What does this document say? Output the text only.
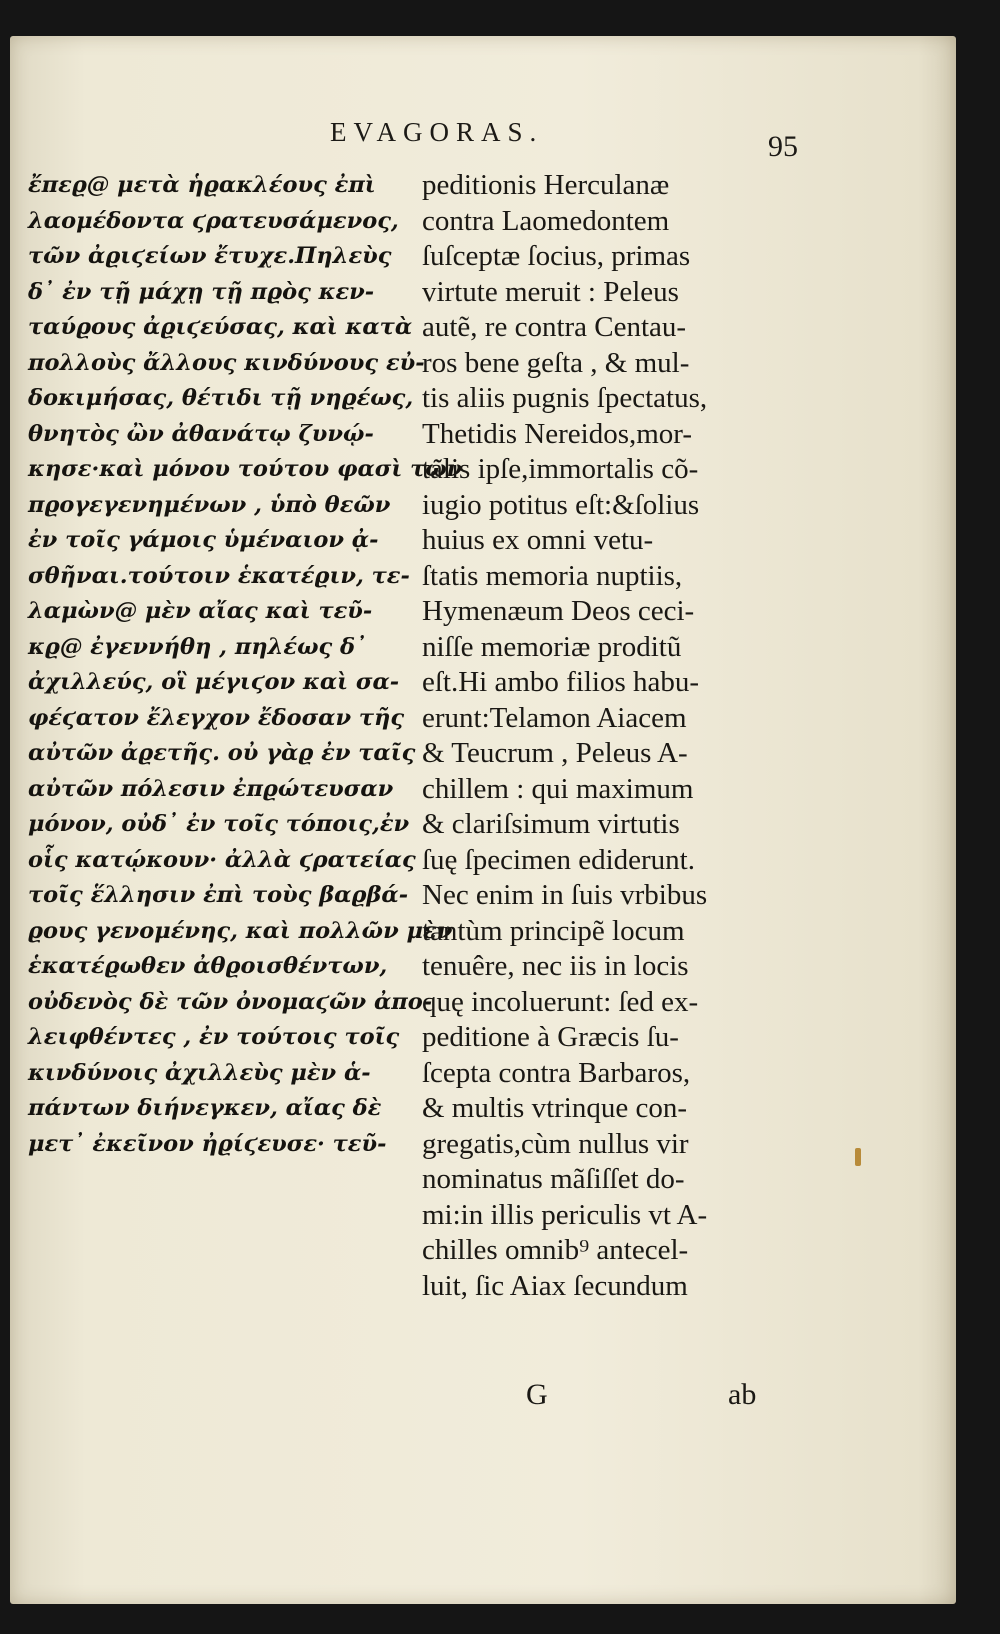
EVAGORAS.	95
ἔπεϱ@ μετὰ ἡϱακλέους ἐπὶ
λαομέδοντα ϛρατευσάμενος,
τῶν ἀϱιϛείων ἔτυχε.Πηλεὺς
δ᾽ ἐν τῇ μάχῃ τῇ πϱὸς κεν-
ταύϱους ἀϱιϛεύσας, καὶ κατὰ
πολλοὺς ἄλλους κινδύνους εὐ-
δοκιμήσας, θέτιδι τῇ νηϱέως,
θνητὸς ὢν ἀθανάτῳ ζυνῴ-
κησε·καὶ μόνου τούτου φασὶ τῶν
πϱογεγενημένων , ὑπὸ θεῶν
ἐν τοῖς γάμοις ὑμέναιον ᾀ-
σθῆναι.τούτοιν ἑκατέϱιν, τε-
λαμὼν@ μὲν αἴας καὶ τεῦ-
κϱ@ ἐγεννήθη , πηλέως δ᾽
ἀχιλλεύς, οἳ μέγιϛον καὶ σα-
φέϛατον ἔλεγχον ἔδοσαν τῆς
αὐτῶν ἀϱετῆς. οὐ γὰϱ ἐν ταῖς
αὐτῶν πόλεσιν ἐπϱώτευσαν
μόνον, οὐδ᾽ ἐν τοῖς τόποις,ἐν
οἷς κατῴκουν· ἀλλὰ ϛρατείας
τοῖς ἕλλησιν ἐπὶ τοὺς βαϱβά-
ϱους γενομένης, καὶ πολλῶν μὲν
ἑκατέϱωθεν ἀθϱοισθέντων,
οὐδενὸς δὲ τῶν ὀνομαϛῶν ἀπο-
λειφθέντες , ἐν τούτοις τοῖς
κινδύνοις ἀχιλλεὺς μὲν ἁ-
πάντων διήνεγκεν, αἴας δὲ
μετ᾽ ἐκεῖνον ἠϱίϛευσε· τεῦ-
peditionis Herculanæ
contra Laomedontem
ſuſceptæ ſocius, primas
virtute meruit : Peleus
autẽ, re contra Centau-
ros bene geſta , & mul-
tis aliis pugnis ſpectatus,
Thetidis Nereidos,mor-
talis ipſe,immortalis cõ-
iugio potitus eſt:&ſolius
huius ex omni vetu-
ſtatis memoria nuptiis,
Hymenæum Deos ceci-
niſſe memoriæ proditũ
eſt.Hi ambo filios habu-
erunt:Telamon Aiacem
& Teucrum , Peleus A-
chillem : qui maximum
& clariſsimum virtutis
ſuę ſpecimen ediderunt.
Nec enim in ſuis vrbibus
tantùm principẽ locum
tenuêre, nec iis in locis
quę incoluerunt: ſed ex-
peditione à Græcis ſu-
ſcepta contra Barbaros,
& multis vtrinque con-
gregatis,cùm nullus vir
nominatus mãſiſſet do-
mi:in illis periculis vt A-
chilles omnib⁹ antecel-
luit, ſic Aiax ſecundum
G	ab
